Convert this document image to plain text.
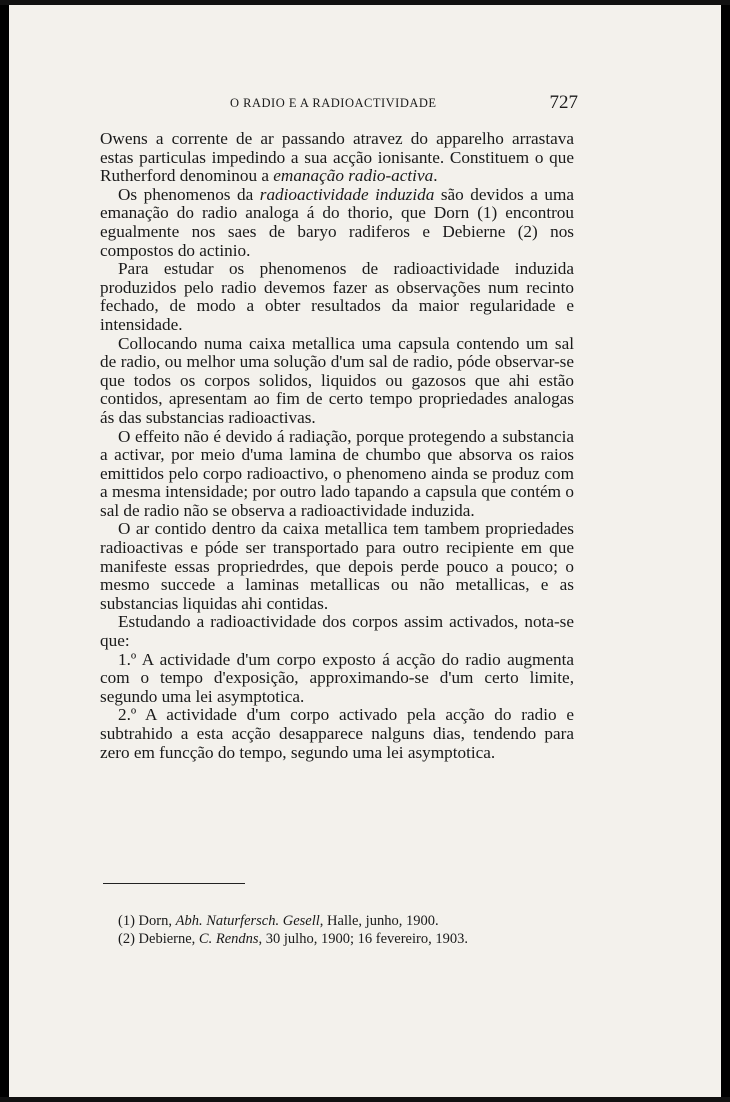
O RADIO E A RADIOACTIVIDADE	727

Owens a corrente de ar passando atravez do apparelho arrastava estas particulas impedindo a sua acção ionisante. Constituem o que Rutherford denominou a emanação radio-activa.

Os phenomenos da radioactividade induzida são devidos a uma emanação do radio analoga á do thorio, que Dorn (1) encontrou egualmente nos saes de baryo radiferos e Debierne (2) nos compostos do actinio.

Para estudar os phenomenos de radioactividade induzida produzidos pelo radio devemos fazer as observações num recinto fechado, de modo a obter resultados da maior regularidade e intensidade.

Collocando numa caixa metallica uma capsula contendo um sal de radio, ou melhor uma solução d'um sal de radio, póde observar-se que todos os corpos solidos, liquidos ou gazosos que ahi estão contidos, apresentam ao fim de certo tempo propriedades analogas ás das substancias radioactivas.

O effeito não é devido á radiação, porque protegendo a substancia a activar, por meio d'uma lamina de chumbo que absorva os raios emittidos pelo corpo radioactivo, o phenomeno ainda se produz com a mesma intensidade; por outro lado tapando a capsula que contém o sal de radio não se observa a radioactividade induzida.

O ar contido dentro da caixa metallica tem tambem propriedades radioactivas e póde ser transportado para outro recipiente em que manifeste essas propriedrdes, que depois perde pouco a pouco; o mesmo succede a laminas metallicas ou não metallicas, e as substancias liquidas ahi contidas.

Estudando a radioactividade dos corpos assim activados, nota-se que:

1.º A actividade d'um corpo exposto á acção do radio augmenta com o tempo d'exposição, approximando-se d'um certo limite, segundo uma lei asymptotica.

2.º A actividade d'um corpo activado pela acção do radio e subtrahido a esta acção desapparece nalguns dias, tendendo para zero em funcção do tempo, segundo uma lei asymptotica.

(1) Dorn, Abh. Naturfersch. Gesell, Halle, junho, 1900.
(2) Debierne, C. Rendns, 30 julho, 1900; 16 fevereiro, 1903.
